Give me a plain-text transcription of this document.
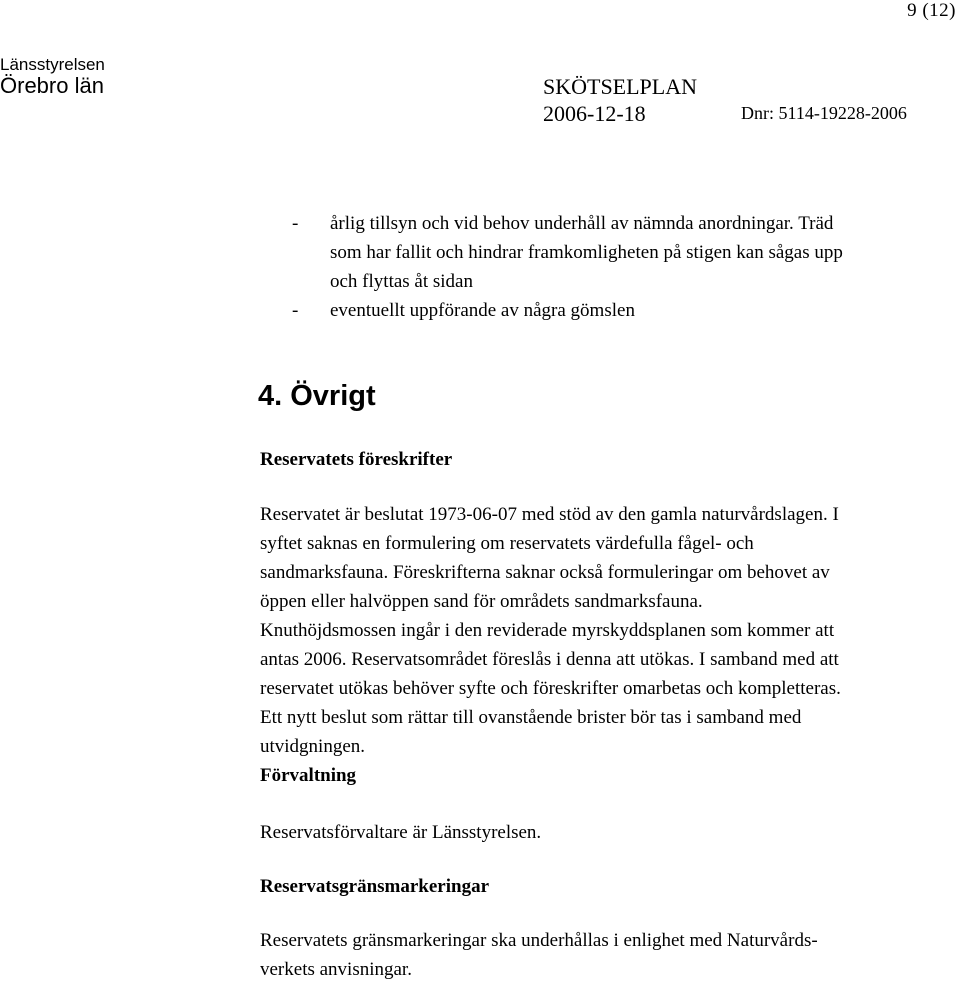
9 (12)
Länsstyrelsen
Örebro län	SKÖTSELPLAN
2006-12-18	Dnr: 5114-19228-2006
- årlig tillsyn och vid behov underhåll av nämnda anordningar. Träd
som har fallit och hindrar framkomligheten på stigen kan sågas upp
och flyttas åt sidan
- eventuellt uppförande av några gömslen
4. Övrigt
Reservatets föreskrifter
Reservatet är beslutat 1973-06-07 med stöd av den gamla naturvårdslagen. I
syftet saknas en formulering om reservatets värdefulla fågel- och
sandmarksfauna. Föreskrifterna saknar också formuleringar om behovet av
öppen eller halvöppen sand för områdets sandmarksfauna.
Knuthöjdsmossen ingår i den reviderade myrskyddsplanen som kommer att
antas 2006. Reservatsområdet föreslås i denna att utökas. I samband med att
reservatet utökas behöver syfte och föreskrifter omarbetas och kompletteras.
Ett nytt beslut som rättar till ovanstående brister bör tas i samband med
utvidgningen.
Förvaltning
Reservatsförvaltare är Länsstyrelsen.
Reservatsgränsmarkeringar
Reservatets gränsmarkeringar ska underhållas i enlighet med Naturvårds-
verkets anvisningar.
